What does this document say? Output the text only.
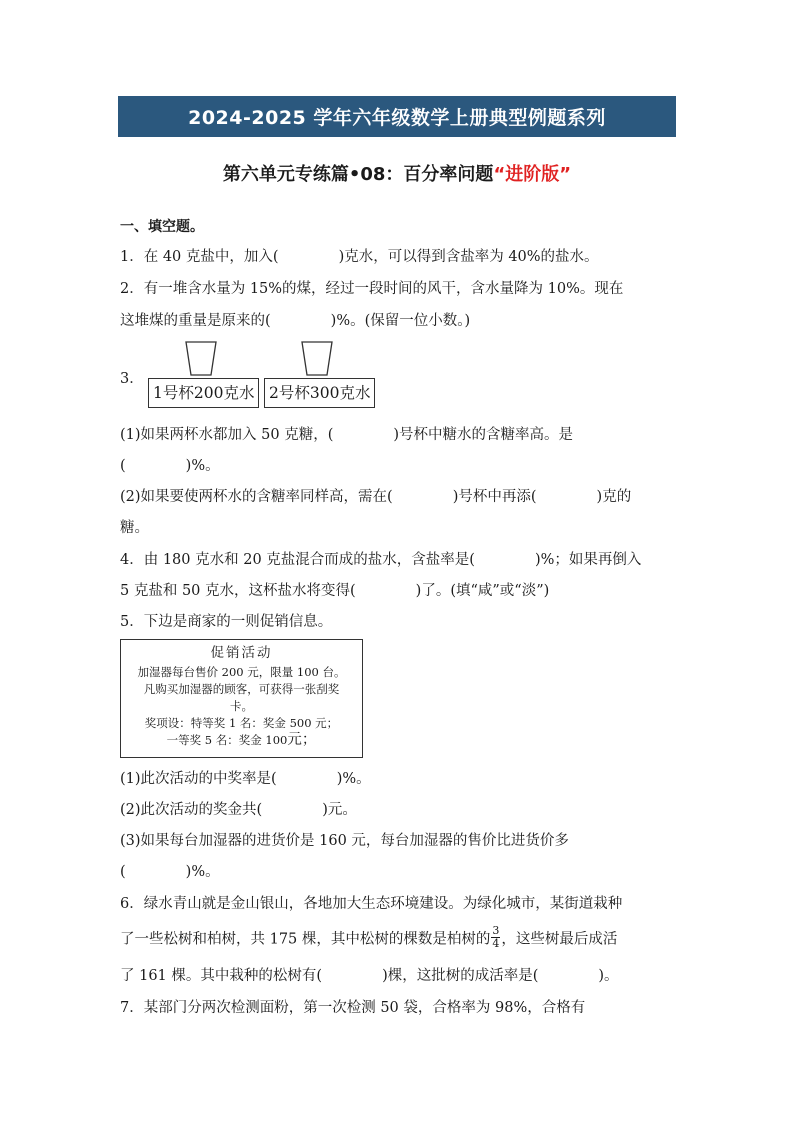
2024-2025 学年六年级数学上册典型例题系列
第六单元专练篇•08：百分率问题“进阶版”
一、填空题。
1．在 40 克盐中，加入(	)克水，可以得到含盐率为 40%的盐水。
2．有一堆含水量为 15%的煤，经过一段时间的风干，含水量降为 10%。现在
这堆煤的重量是原来的(	)%。(保留一位小数。)
3．
1号杯200克水 2号杯300克水
(1)如果两杯水都加入 50 克糖，(	)号杯中糖水的含糖率高。是
(	)%。
(2)如果要使两杯水的含糖率同样高，需在(	)号杯中再添(	)克的
糖。
4．由 180 克水和 20 克盐混合而成的盐水，含盐率是(	)%；如果再倒入
5 克盐和 50 克水，这杯盐水将变得(	)了。(填“咸”或“淡”)
5．下边是商家的一则促销信息。
促销活动
加湿器每台售价 200 元，限量 100 台。
凡购买加湿器的顾客，可获得一张刮奖
卡。
奖项设：特等奖 1 名：奖金 500 元；
一等奖 5 名：奖金 100元；
(1)此次活动的中奖率是(	)%。
(2)此次活动的奖金共(	)元。
(3)如果每台加湿器的进货价是 160 元，每台加湿器的售价比进货价多
(	)%。
6．绿水青山就是金山银山，各地加大生态环境建设。为绿化城市，某街道栽种
了一些松树和柏树，共 175 棵，其中松树的棵数是柏树的 $\frac{3}{4}$ ，这些树最后成活
了 161 棵。其中栽种的松树有(	)棵，这批树的成活率是(	)。
7．某部门分两次检测面粉，第一次检测 50 袋，合格率为 98%，合格有
